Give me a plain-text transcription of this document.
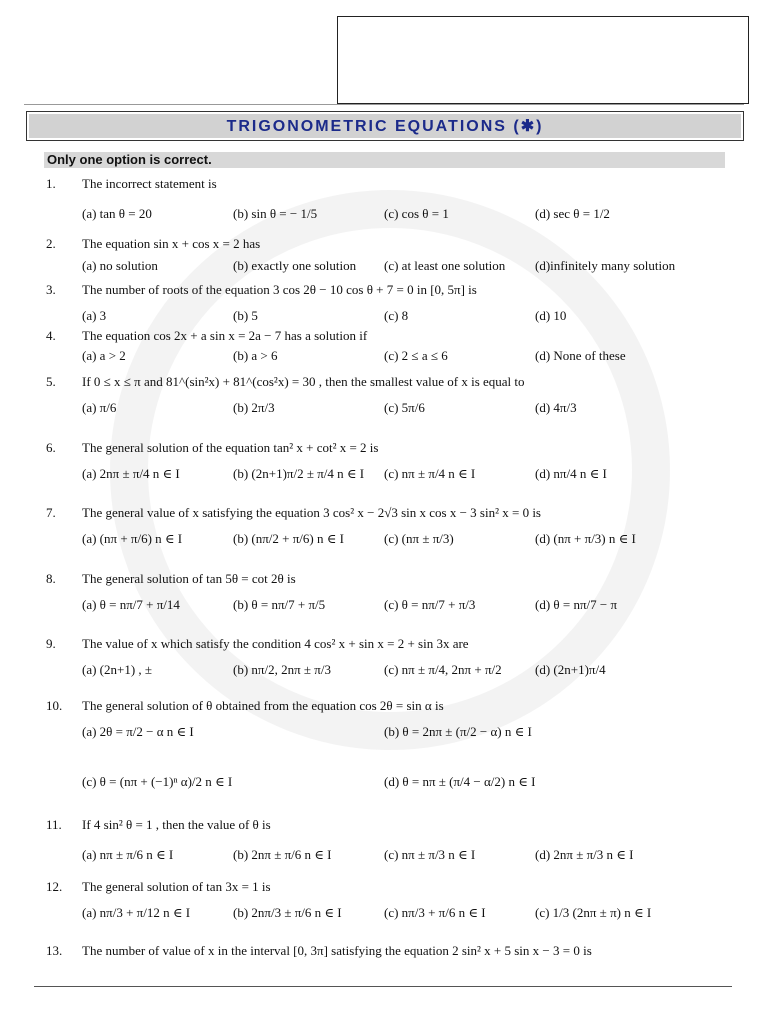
TRIGONOMETRIC EQUATIONS (✱)
Only one option is correct.
1.	The incorrect statement is
(a) tan θ = 20	(b) sin θ = − 1/5	(c) cos θ = 1	(d) sec θ = 1/2
2.	The equation sin x + cos x = 2 has
(a) no solution	(b) exactly one solution (c) at least one solution (d)infinitely many solution
3.	The number of roots of the equation 3 cos 2θ − 10 cos θ + 7 = 0 in [0, 5π] is
(a) 3	(b) 5	(c) 8	(d) 10
4.	The equation cos 2x + a sin x = 2a − 7 has a solution if
(a) a > 2	(b) a > 6	(c) 2 ≤ a ≤ 6	(d) None of these
5.	If 0 ≤ x ≤ π and 81^(sin²x) + 81^(cos²x) = 30 , then the smallest value of x is equal to
(a) π/6	(b) 2π/3	(c) 5π/6	(d) 4π/3
6.	The general solution of the equation tan² x + cot² x = 2 is
(a) 2nπ ± π/4 n ∈ I	(b) (2n+1)π/2 ± π/4 n ∈ I (c) nπ ± π/4 n ∈ I	(d) nπ/4 n ∈ I
7.	The general value of x satisfying the equation 3 cos² x − 2√3 sin x cos x − 3 sin² x = 0 is
(a) (nπ + π/6) n ∈ I	(b) (nπ/2 + π/6) n ∈ I	(c) (nπ ± π/3)	(d) (nπ + π/3) n ∈ I
8.	The general solution of tan 5θ = cot 2θ is
(a) θ = nπ/7 + π/14	(b) θ = nπ/7 + π/5	(c) θ = nπ/7 + π/3	(d) θ = nπ/7 − π
9.	The value of x which satisfy the condition 4 cos² x + sin x = 2 + sin 3x are
(a) (2n+1) , ±	(b) nπ/2, 2nπ ± π/3	(c) nπ ± π/4, 2nπ + π/2	(d) (2n+1)π/4
10.	The general solution of θ obtained from the equation cos 2θ = sin α is
(a) 2θ = π/2 − α n ∈ I	(b) θ = 2nπ ± (π/2 − α) n ∈ I
(c) θ = (nπ + (−1)ⁿ α)/2 n ∈ I	(d) θ = nπ ± (π/4 − α/2) n ∈ I
11.	If 4 sin² θ = 1 , then the value of θ is
(a) nπ ± π/6 n ∈ I	(b) 2nπ ± π/6 n ∈ I	(c) nπ ± π/3 n ∈ I	(d) 2nπ ± π/3 n ∈ I
12.	The general solution of tan 3x = 1 is
(a) nπ/3 + π/12 n ∈ I	(b) 2nπ/3 ± π/6 n ∈ I	(c) nπ/3 + π/6 n ∈ I	(c) 1/3 (2nπ ± π) n ∈ I
13.	The number of value of x in the interval [0, 3π] satisfying the equation 2 sin² x + 5 sin x − 3 = 0 is
